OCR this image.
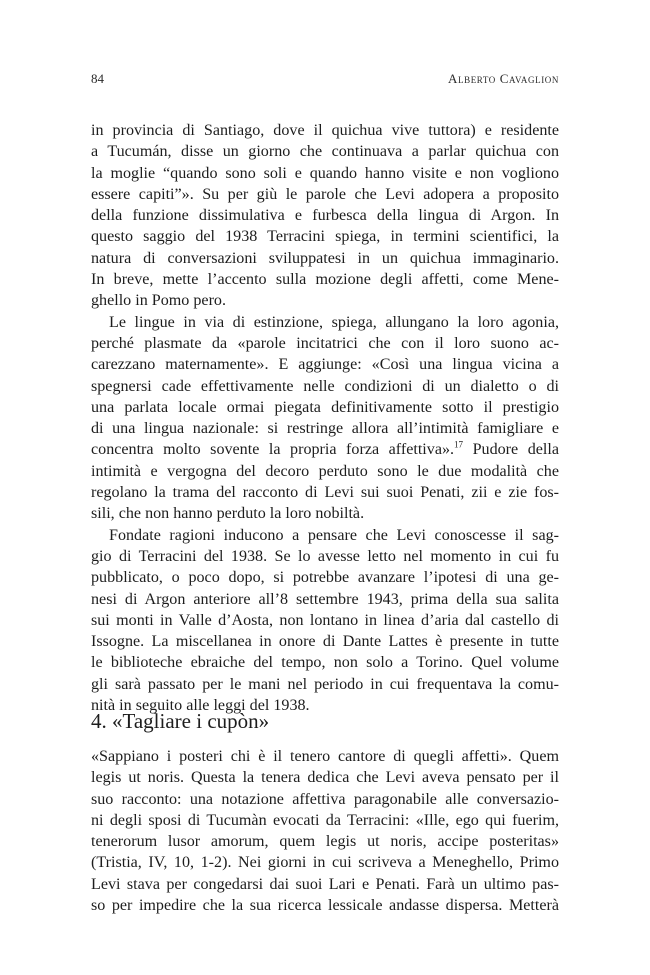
84	Alberto Cavaglion
in provincia di Santiago, dove il quichua vive tuttora) e residente
a Tucumán, disse un giorno che continuava a parlar quichua con
la moglie “quando sono soli e quando hanno visite e non vogliono
essere capiti”». Su per giù le parole che Levi adopera a proposito
della funzione dissimulativa e furbesca della lingua di Argon. In
questo saggio del 1938 Terracini spiega, in termini scientifici, la
natura di conversazioni sviluppatesi in un quichua immaginario.
In breve, mette l’accento sulla mozione degli affetti, come Mene-
ghello in Pomo pero.
Le lingue in via di estinzione, spiega, allungano la loro agonia,
perché plasmate da «parole incitatrici che con il loro suono ac-
carezzano maternamente». E aggiunge: «Così una lingua vicina a
spegnersi cade effettivamente nelle condizioni di un dialetto o di
una parlata locale ormai piegata definitivamente sotto il prestigio
di una lingua nazionale: si restringe allora all’intimità famigliare e
concentra molto sovente la propria forza affettiva».$^{17}$ Pudore della
intimità e vergogna del decoro perduto sono le due modalità che
regolano la trama del racconto di Levi sui suoi Penati, zii e zie fos-
sili, che non hanno perduto la loro nobiltà.
Fondate ragioni inducono a pensare che Levi conoscesse il sag-
gio di Terracini del 1938. Se lo avesse letto nel momento in cui fu
pubblicato, o poco dopo, si potrebbe avanzare l’ipotesi di una ge-
nesi di Argon anteriore all’8 settembre 1943, prima della sua salita
sui monti in Valle d’Aosta, non lontano in linea d’aria dal castello di
Issogne. La miscellanea in onore di Dante Lattes è presente in tutte
le biblioteche ebraiche del tempo, non solo a Torino. Quel volume
gli sarà passato per le mani nel periodo in cui frequentava la comu-
nità in seguito alle leggi del 1938.
4. «Tagliare i cupòn»
«Sappiano i posteri chi è il tenero cantore di quegli affetti». Quem
legis ut noris. Questa la tenera dedica che Levi aveva pensato per il
suo racconto: una notazione affettiva paragonabile alle conversazio-
ni degli sposi di Tucumàn evocati da Terracini: «Ille, ego qui fuerim,
tenerorum lusor amorum, quem legis ut noris, accipe posteritas»
(Tristia, IV, 10, 1-2). Nei giorni in cui scriveva a Meneghello, Primo
Levi stava per congedarsi dai suoi Lari e Penati. Farà un ultimo pas-
so per impedire che la sua ricerca lessicale andasse dispersa. Metterà
